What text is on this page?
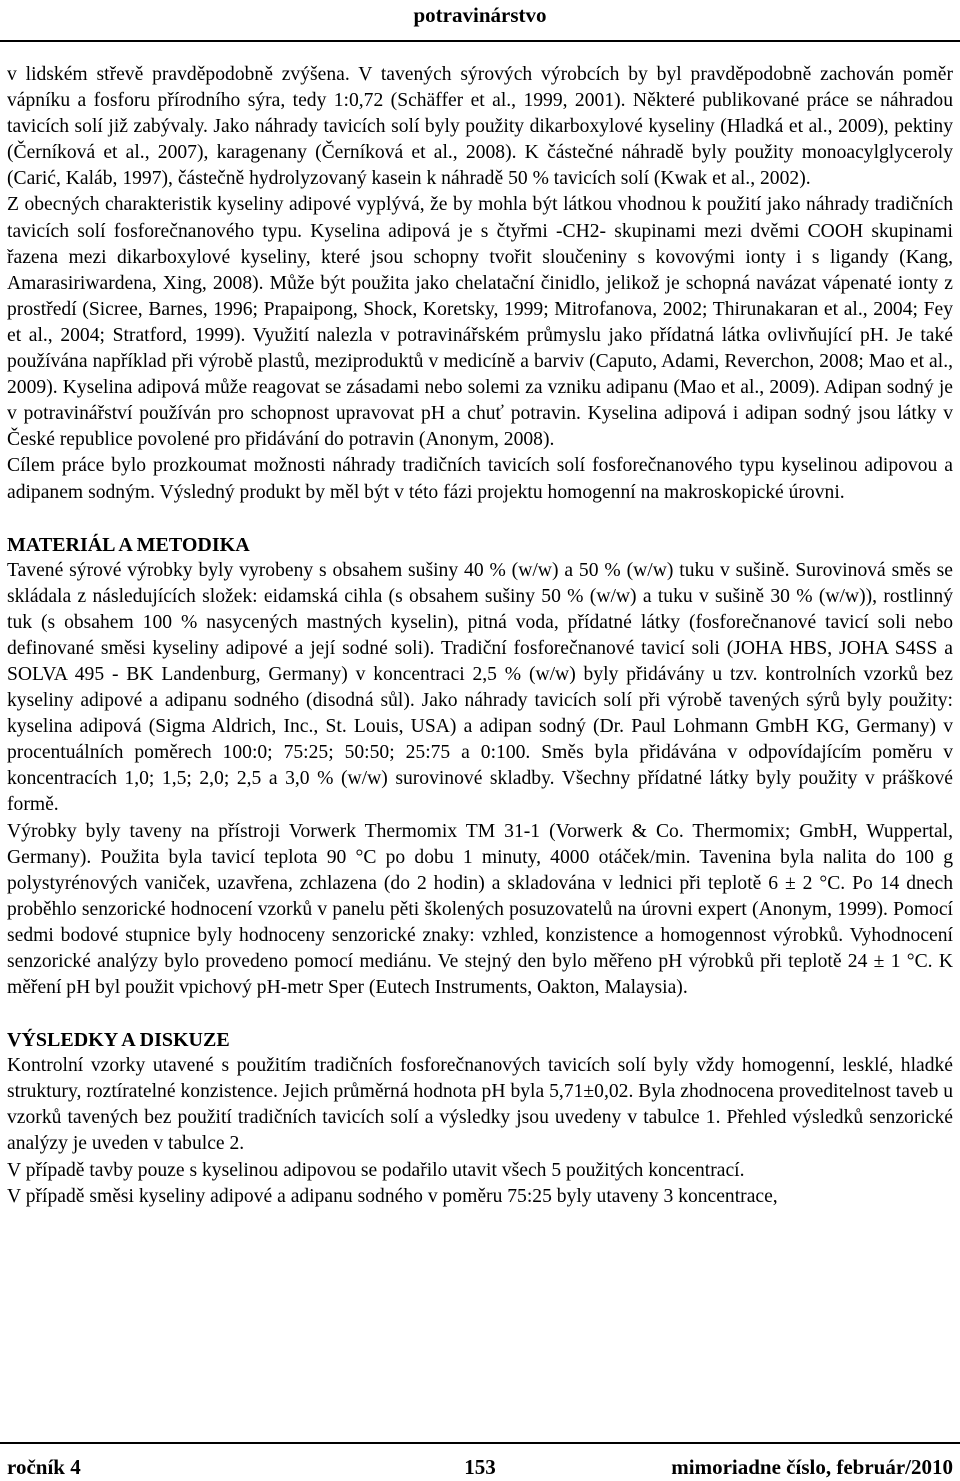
potravinárstvo

v lidském střevě pravděpodobně zvýšena. V tavených sýrových výrobcích by byl pravděpodobně zachován poměr vápníku a fosforu přírodního sýra, tedy 1:0,72 (Schäffer et al., 1999, 2001). Některé publikované práce se náhradou tavicích solí již zabývaly. Jako náhrady tavicích solí byly použity dikarboxylové kyseliny (Hladká et al., 2009), pektiny (Černíková et al., 2007), karagenany (Černíková et al., 2008). K částečné náhradě byly použity monoacylglyceroly (Carić, Kaláb, 1997), částečně hydrolyzovaný kasein k náhradě 50 % tavicích solí (Kwak et al., 2002).

Z obecných charakteristik kyseliny adipové vyplývá, že by mohla být látkou vhodnou k použití jako náhrady tradičních tavicích solí fosforečnanového typu. Kyselina adipová je s čtyřmi -CH2- skupinami mezi dvěmi COOH skupinami řazena mezi dikarboxylové kyseliny, které jsou schopny tvořit sloučeniny s kovovými ionty i s ligandy (Kang, Amarasiriwardena, Xing, 2008). Může být použita jako chelatační činidlo, jelikož je schopná navázat vápenaté ionty z prostředí (Sicree, Barnes, 1996; Prapaipong, Shock, Koretsky, 1999; Mitrofanova, 2002; Thirunakaran et al., 2004; Fey et al., 2004; Stratford, 1999). Využití nalezla v potravinářském průmyslu jako přídatná látka ovlivňující pH. Je také používána například při výrobě plastů, meziproduktů v medicíně a barviv (Caputo, Adami, Reverchon, 2008; Mao et al., 2009). Kyselina adipová může reagovat se zásadami nebo solemi za vzniku adipanu (Mao et al., 2009). Adipan sodný je v potravinářství používán pro schopnost upravovat pH a chuť potravin. Kyselina adipová i adipan sodný jsou látky v České republice povolené pro přidávání do potravin (Anonym, 2008).

Cílem práce bylo prozkoumat možnosti náhrady tradičních tavicích solí fosforečnanového typu kyselinou adipovou a adipanem sodným. Výsledný produkt by měl být v této fázi projektu homogenní na makroskopické úrovni.

MATERIÁL A METODIKA

Tavené sýrové výrobky byly vyrobeny s obsahem sušiny 40 % (w/w) a 50 % (w/w) tuku v sušině. Surovinová směs se skládala z následujících složek: eidamská cihla (s obsahem sušiny 50 % (w/w) a tuku v sušině 30 % (w/w)), rostlinný tuk (s obsahem 100 % nasycených mastných kyselin), pitná voda, přídatné látky (fosforečnanové tavicí soli nebo definované směsi kyseliny adipové a její sodné soli). Tradiční fosforečnanové tavicí soli (JOHA HBS, JOHA S4SS a SOLVA 495 - BK Landenburg, Germany) v koncentraci 2,5 % (w/w) byly přidávány u tzv. kontrolních vzorků bez kyseliny adipové a adipanu sodného (disodná sůl). Jako náhrady tavicích solí při výrobě tavených sýrů byly použity: kyselina adipová (Sigma Aldrich, Inc., St. Louis, USA) a adipan sodný (Dr. Paul Lohmann GmbH KG, Germany) v procentuálních poměrech 100:0; 75:25; 50:50; 25:75 a 0:100. Směs byla přidávána v odpovídajícím poměru v koncentracích 1,0; 1,5; 2,0; 2,5 a 3,0 % (w/w) surovinové skladby. Všechny přídatné látky byly použity v práškové formě.

Výrobky byly taveny na přístroji Vorwerk Thermomix TM 31-1 (Vorwerk & Co. Thermomix; GmbH, Wuppertal, Germany). Použita byla tavicí teplota 90 °C po dobu 1 minuty, 4000 otáček/min. Tavenina byla nalita do 100 g polystyrénových vaniček, uzavřena, zchlazena (do 2 hodin) a skladována v lednici při teplotě 6 ± 2 °C. Po 14 dnech proběhlo senzorické hodnocení vzorků v panelu pěti školených posuzovatelů na úrovni expert (Anonym, 1999). Pomocí sedmi bodové stupnice byly hodnoceny senzorické znaky: vzhled, konzistence a homogennost výrobků. Vyhodnocení senzorické analýzy bylo provedeno pomocí mediánu. Ve stejný den bylo měřeno pH výrobků při teplotě 24 ± 1 °C. K měření pH byl použit vpichový pH-metr Sper (Eutech Instruments, Oakton, Malaysia).

VÝSLEDKY A DISKUZE

Kontrolní vzorky utavené s použitím tradičních fosforečnanových tavicích solí byly vždy homogenní, lesklé, hladké struktury, roztíratelné konzistence. Jejich průměrná hodnota pH byla 5,71±0,02. Byla zhodnocena proveditelnost taveb u vzorků tavených bez použití tradičních tavicích solí a výsledky jsou uvedeny v tabulce 1. Přehled výsledků senzorické analýzy je uveden v tabulce 2.

V případě tavby pouze s kyselinou adipovou se podařilo utavit všech 5 použitých koncentrací.

V případě směsi kyseliny adipové a adipanu sodného v poměru 75:25 byly utaveny 3 koncentrace,

ročník 4	153	mimoriadne číslo, február/2010
